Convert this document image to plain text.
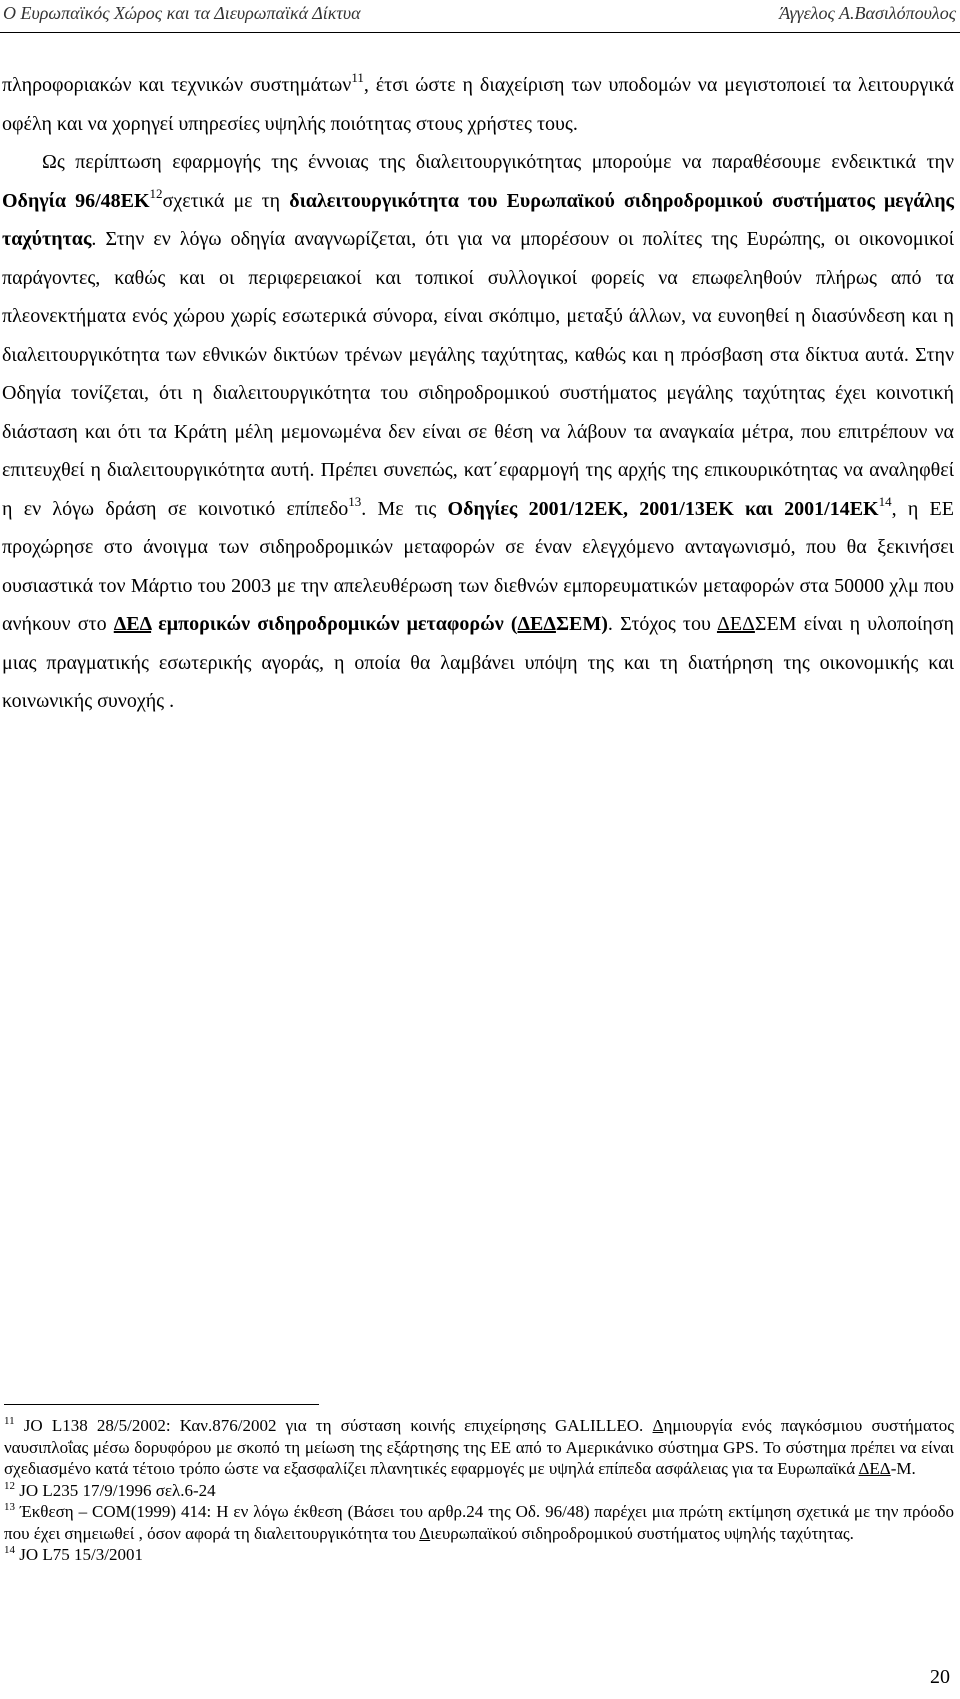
Ο Ευρωπαϊκός Χώρος και τα Διευρωπαϊκά Δίκτυα	Άγγελος Α.Βασιλόπουλος

πληροφοριακών και τεχνικών συστημάτων$^{11}$, έτσι ώστε η διαχείριση των υποδομών να μεγιστοποιεί τα λειτουργικά οφέλη και να χορηγεί υπηρεσίες υψηλής ποιότητας στους χρήστες τους.

Ως περίπτωση εφαρμογής της έννοιας της διαλειτουργικότητας μπορούμε να παραθέσουμε ενδεικτικά την Οδηγία 96/48ΕΚ$^{12}$σχετικά με τη διαλειτουργικότητα του Ευρωπαϊκού σιδηροδρομικού συστήματος μεγάλης ταχύτητας. Στην εν λόγω οδηγία αναγνωρίζεται, ότι για να μπορέσουν οι πολίτες της Ευρώπης, οι οικονομικοί παράγοντες, καθώς και οι περιφερειακοί και τοπικοί συλλογικοί φορείς να επωφεληθούν πλήρως από τα πλεονεκτήματα ενός χώρου χωρίς εσωτερικά σύνορα, είναι σκόπιμο, μεταξύ άλλων, να ευνοηθεί η διασύνδεση και η διαλειτουργικότητα των εθνικών δικτύων τρένων μεγάλης ταχύτητας, καθώς και η πρόσβαση στα δίκτυα αυτά. Στην Οδηγία τονίζεται, ότι η διαλειτουργικότητα του σιδηροδρομικού συστήματος μεγάλης ταχύτητας έχει κοινοτική διάσταση και ότι τα Κράτη μέλη μεμονωμένα δεν είναι σε θέση να λάβουν τα αναγκαία μέτρα, που επιτρέπουν να επιτευχθεί η διαλειτουργικότητα αυτή. Πρέπει συνεπώς, κατ΄εφαρμογή της αρχής της επικουρικότητας να αναληφθεί η εν λόγω δράση σε κοινοτικό επίπεδο$^{13}$. Με τις Οδηγίες 2001/12ΕΚ, 2001/13ΕΚ και 2001/14ΕΚ$^{14}$, η ΕΕ προχώρησε στο άνοιγμα των σιδηροδρομικών μεταφορών σε έναν ελεγχόμενο ανταγωνισμό, που θα ξεκινήσει ουσιαστικά τον Μάρτιο του 2003 με την απελευθέρωση των διεθνών εμπορευματικών μεταφορών στα 50000 χλμ που ανήκουν στο ΔΕΔ εμπορικών σιδηροδρομικών μεταφορών (ΔΕΔΣΕΜ). Στόχος του ΔΕΔΣΕΜ είναι η υλοποίηση μιας πραγματικής εσωτερικής αγοράς, η οποία θα λαμβάνει υπόψη της και τη διατήρηση της οικονομικής και κοινωνικής συνοχής .

$^{11}$ JO L138 28/5/2002: Καν.876/2002 για τη σύσταση κοινής επιχείρησης GALILLEO. Δημιουργία ενός παγκόσμιου συστήματος ναυσιπλοΐας μέσω δορυφόρου με σκοπό τη μείωση της εξάρτησης της ΕΕ από το Αμερικάνικο σύστημα GPS. Το σύστημα πρέπει να είναι σχεδιασμένο κατά τέτοιο τρόπο ώστε να εξασφαλίζει πλανητικές εφαρμογές με υψηλά επίπεδα ασφάλειας για τα Ευρωπαϊκά ΔΕΔ-Μ.

$^{12}$ JO L235 17/9/1996 σελ.6-24

$^{13}$ Έκθεση – COM(1999) 414: Η εν λόγω έκθεση (Βάσει του αρθρ.24 της Οδ. 96/48) παρέχει μια πρώτη εκτίμηση σχετικά με την πρόοδο που έχει σημειωθεί , όσον αφορά τη διαλειτουργικότητα του Διευρωπαϊκού σιδηροδρομικού συστήματος υψηλής ταχύτητας.

$^{14}$ JO L75 15/3/2001

20
